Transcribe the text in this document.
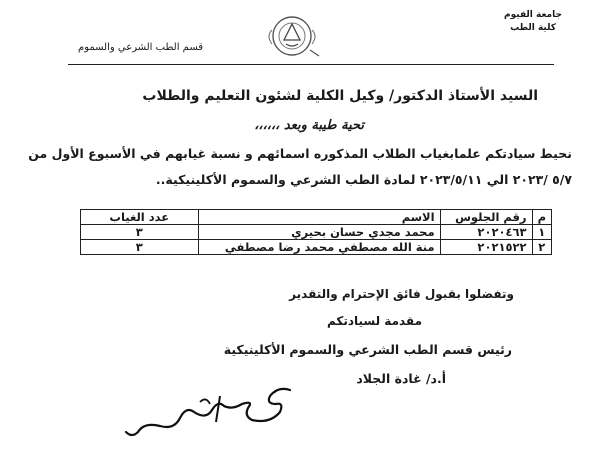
جامعة الفيوم
كلية الطب
قسم الطب الشرعي والسموم
السيد الأستاذ الدكتور/ وكيل الكلية لشئون التعليم والطلاب
تحية طيبة وبعد ،،،،،،
نحيط سيادتكم علمابغياب الطلاب المذكوره اسمائهم و نسبة غيابهم في الأسبوع الأول من
٥/٧ /٢٠٢٣ الي ٢٠٢٣/٥/١١ لمادة الطب الشرعي والسموم الأكلينيكية..
م	رقم الجلوس	الاسم	عدد الغياب
١	٢٠٢٠٤٦٣	محمد مجدي حسان بحيري	٣
٢	٢٠٢١٥٢٢	منة الله مصطفي محمد رضا مصطفي	٣
وتفضلوا بقبول فائق الإحترام والتقدير
مقدمة لسيادتكم
رئيس قسم الطب الشرعي والسموم الأكلينيكية
أ.د/ غادة الجلاد
